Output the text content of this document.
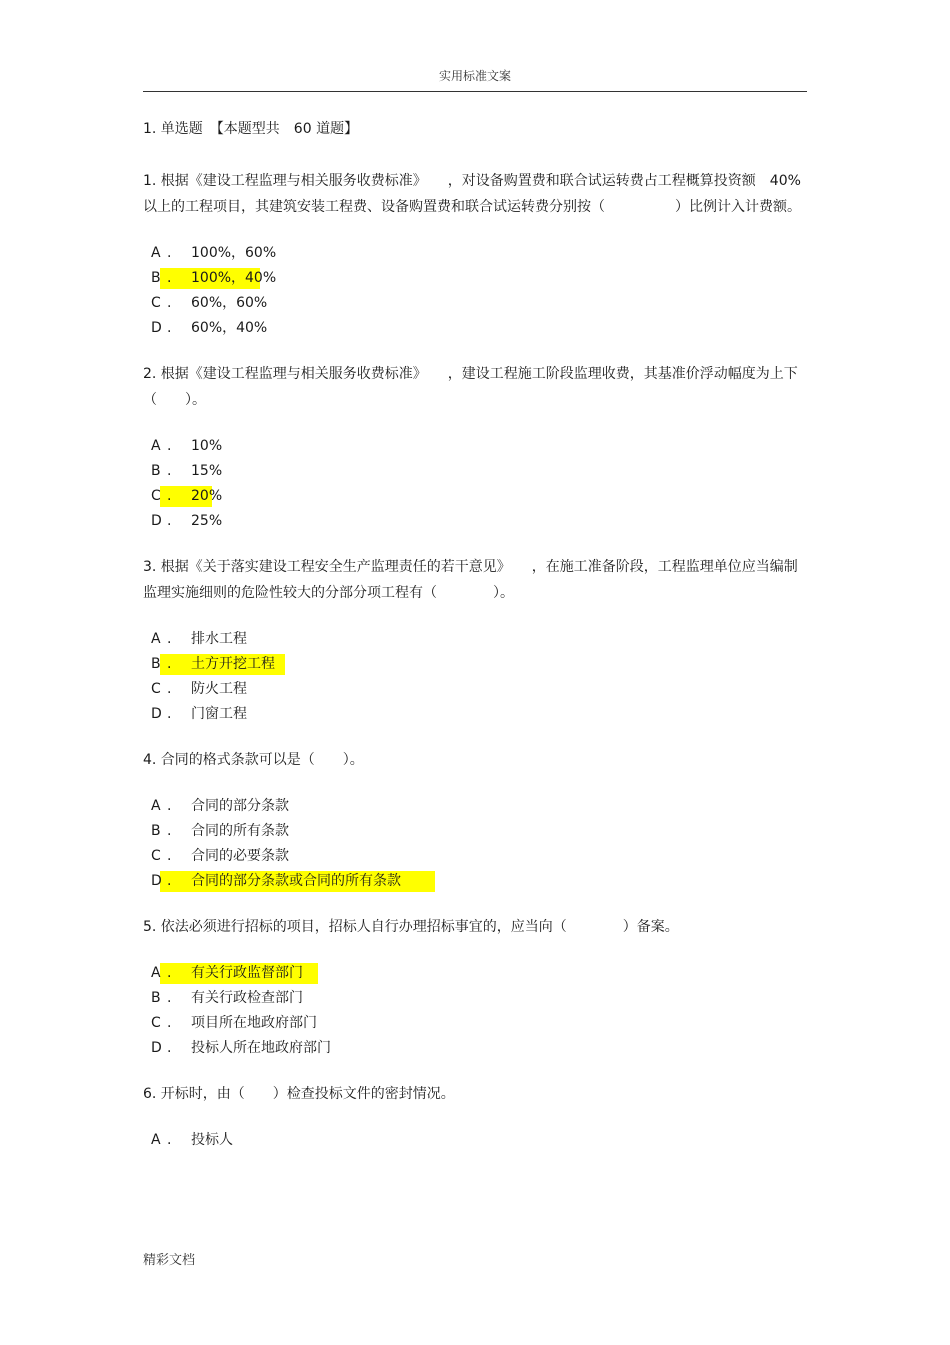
实用标准文案
1. 单选题　【本题型共　60 道题】
1. 根据《建设工程监理与相关服务收费标准》　　，对设备购置费和联合试运转费占工程概算投资额　40%以上的工程项目，其建筑安装工程费、设备购置费和联合试运转费分别按（　　　　　）比例计入计费额。
A . 100%，60%
B . 100%，40%
C . 60%，60%
D . 60%，40%
2. 根据《建设工程监理与相关服务收费标准》　　，建设工程施工阶段监理收费，其基准价浮动幅度为上下（　　）。
A . 10%
B . 15%
C . 20%
D . 25%
3. 根据《关于落实建设工程安全生产监理责任的若干意见》　　，在施工准备阶段，工程监理单位应当编制监理实施细则的危险性较大的分部分项工程有（　　　　）。
A . 排水工程
B . 土方开挖工程
C . 防火工程
D . 门窗工程
4. 合同的格式条款可以是（　　）。
A . 合同的部分条款
B . 合同的所有条款
C . 合同的必要条款
D . 合同的部分条款或合同的所有条款
5. 依法必须进行招标的项目，招标人自行办理招标事宜的，应当向（　　　　）备案。
A . 有关行政监督部门
B . 有关行政检查部门
C . 项目所在地政府部门
D . 投标人所在地政府部门
6. 开标时，由（　　）检查投标文件的密封情况。
A . 投标人
精彩文档
